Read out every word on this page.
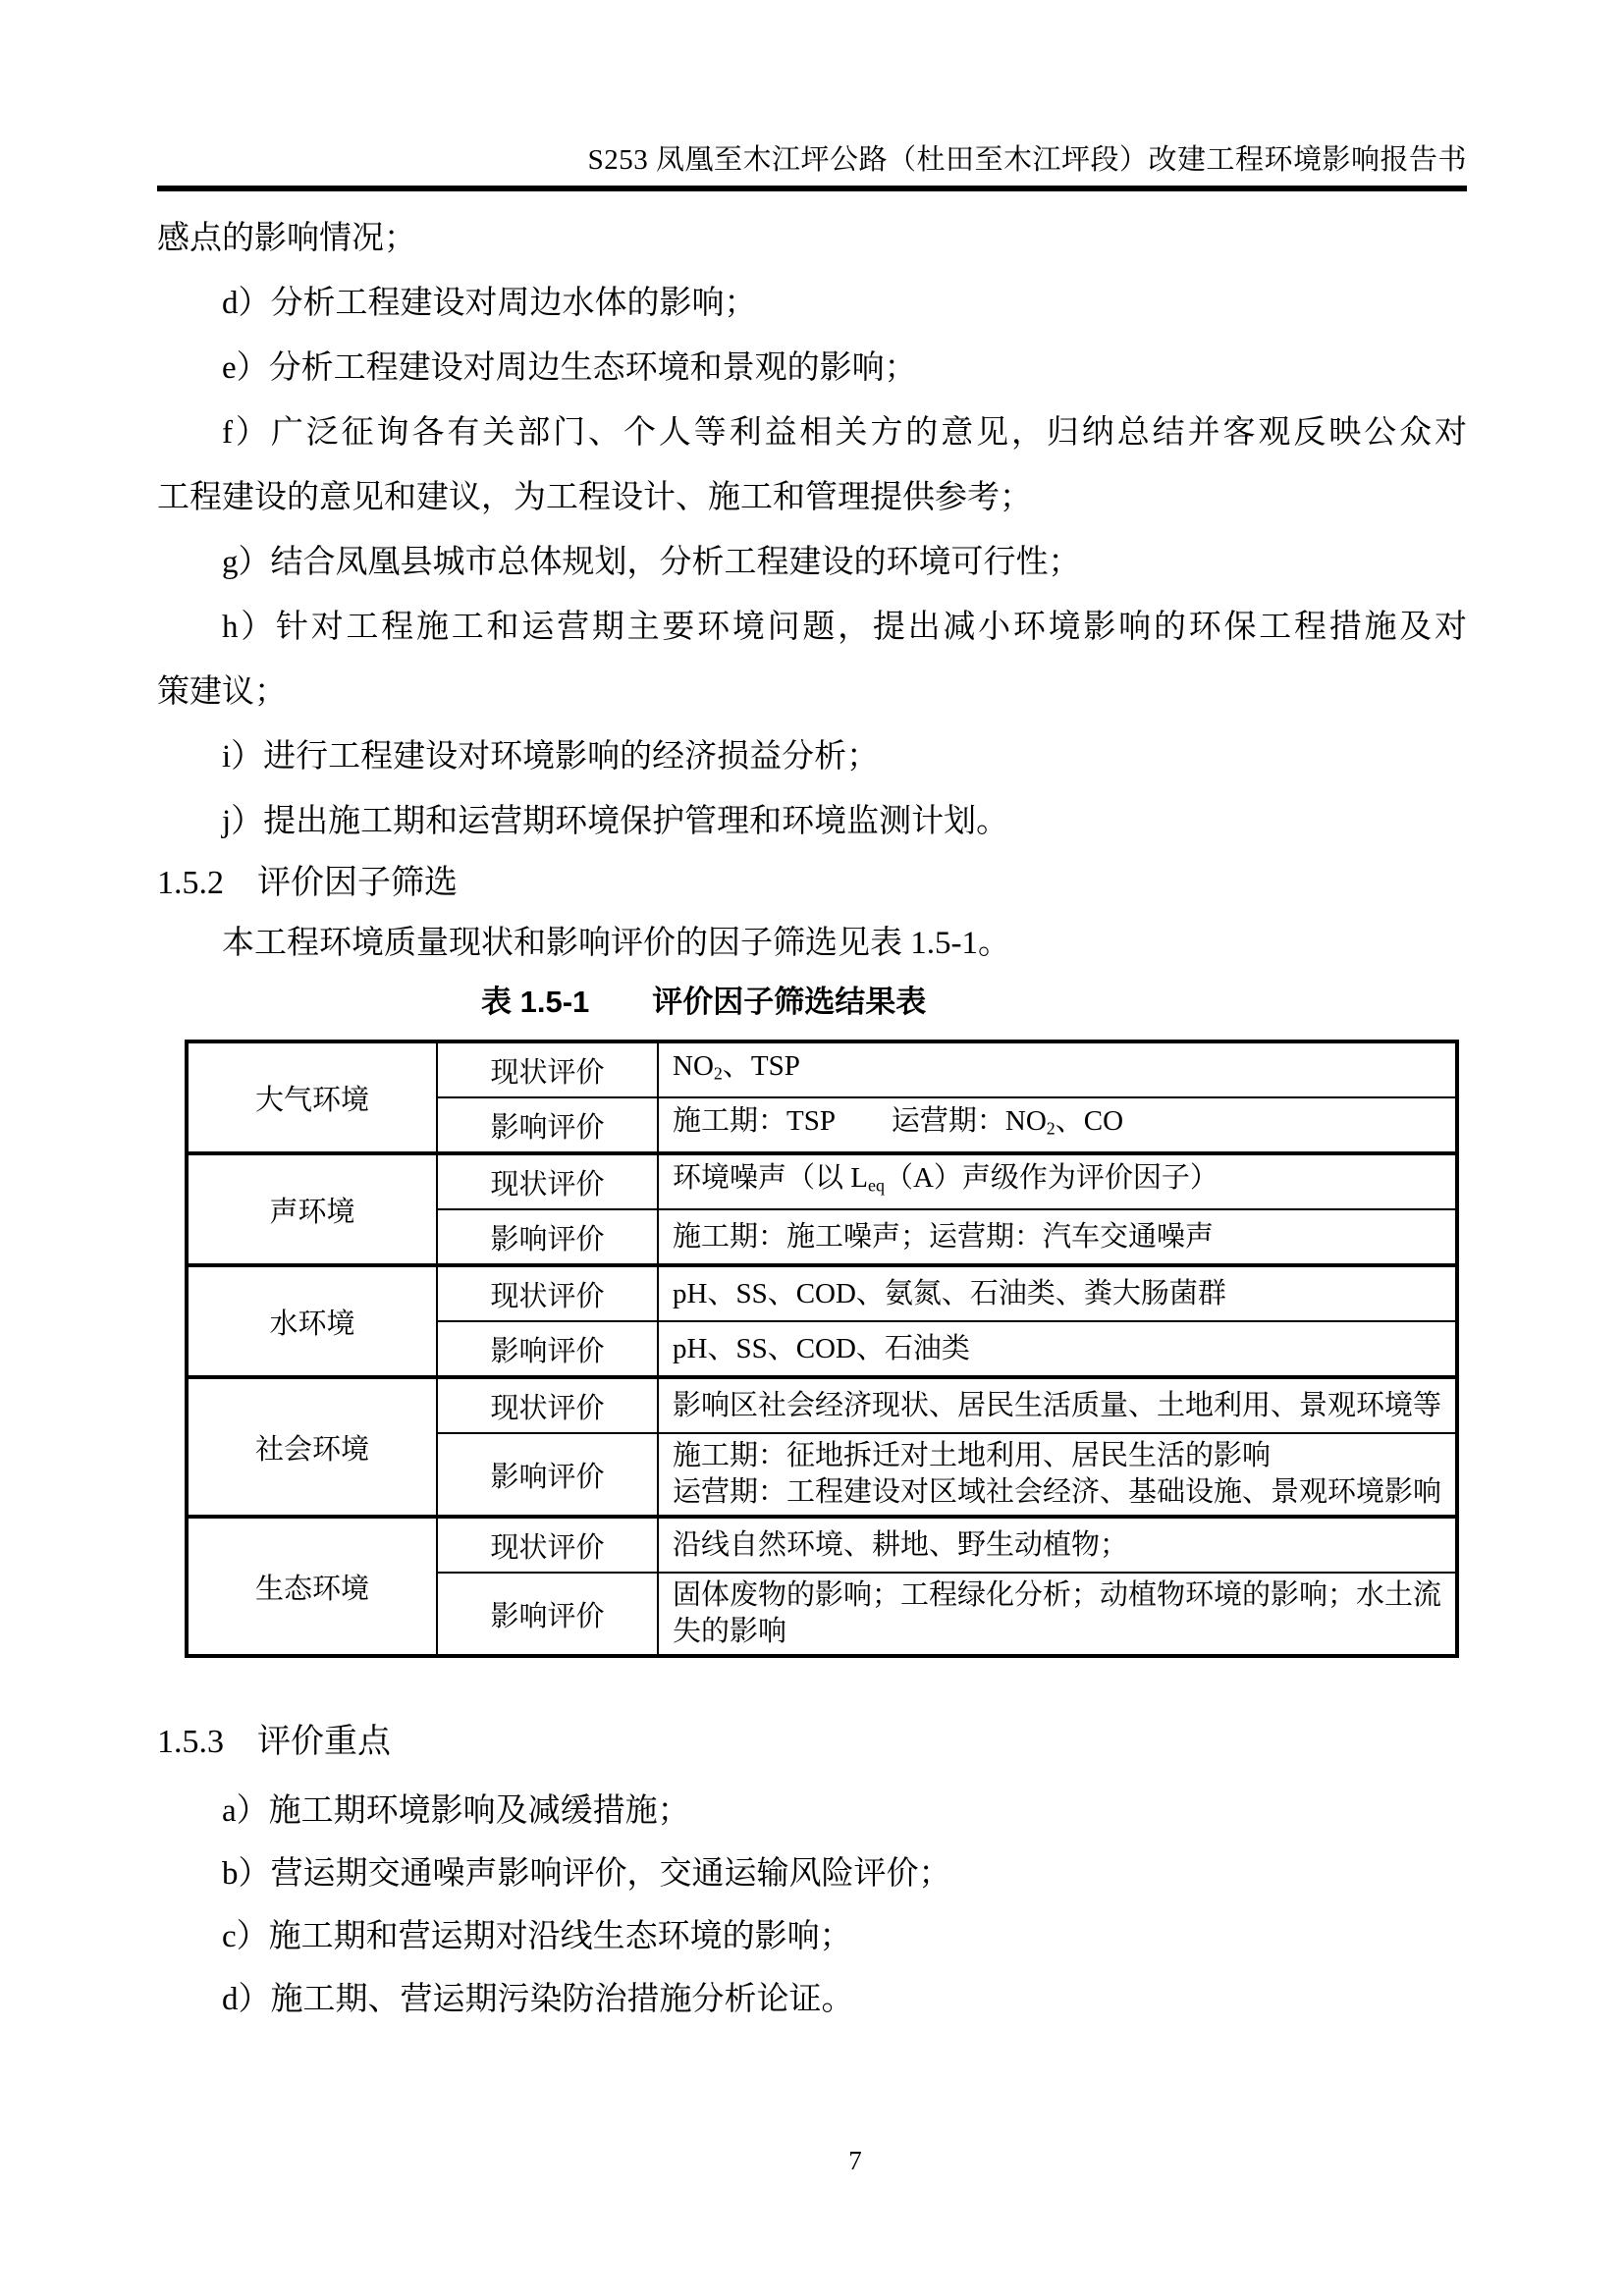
S253 凤凰至木江坪公路（杜田至木江坪段）改建工程环境影响报告书
感点的影响情况；
d）分析工程建设对周边水体的影响；
e）分析工程建设对周边生态环境和景观的影响；
f）广泛征询各有关部门、个人等利益相关方的意见，归纳总结并客观反映公众对
工程建设的意见和建议，为工程设计、施工和管理提供参考；
g）结合凤凰县城市总体规划，分析工程建设的环境可行性；
h）针对工程施工和运营期主要环境问题，提出减小环境影响的环保工程措施及对
策建议；
i）进行工程建设对环境影响的经济损益分析；
j）提出施工期和运营期环境保护管理和环境监测计划。
1.5.2 评价因子筛选
本工程环境质量现状和影响评价的因子筛选见表 1.5-1。
表 1.5-1 评价因子筛选结果表
大气环境	现状评价	$NO_2$、TSP
	影响评价	施工期：TSP　　运营期：$NO_2$、CO
声环境	现状评价	环境噪声（以 $L_{eq}(A)$声级作为评价因子）
	影响评价	施工期：施工噪声；运营期：汽车交通噪声
水环境	现状评价	pH、SS、COD、氨氮、石油类、粪大肠菌群
	影响评价	pH、SS、COD、石油类
社会环境	现状评价	影响区社会经济现状、居民生活质量、土地利用、景观环境等
	影响评价	施工期：征地拆迁对土地利用、居民生活的影响
运营期：工程建设对区域社会经济、基础设施、景观环境影响

生态环境	现状评价	沿线自然环境、耕地、野生动植物；
	影响评价	固体废物的影响；工程绿化分析；动植物环境的影响；水土流失的影响
1.5.3 评价重点
a）施工期环境影响及减缓措施；
b）营运期交通噪声影响评价，交通运输风险评价；
c）施工期和营运期对沿线生态环境的影响；
d）施工期、营运期污染防治措施分析论证。
7
